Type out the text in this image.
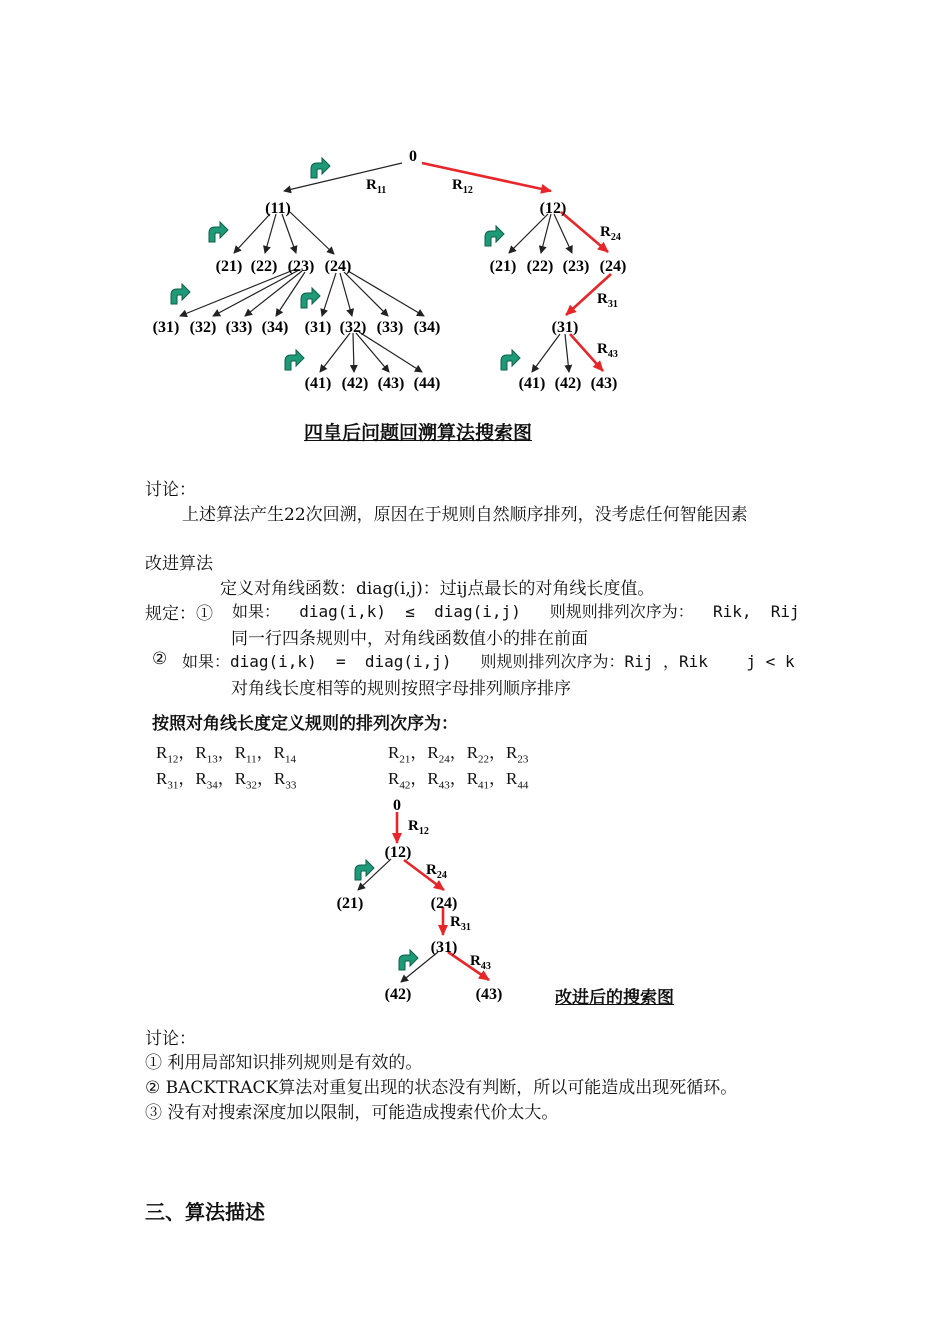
0
(11)	(12)
(21) (22) (23) (24)
(31) (32) (33) (34) (31) (32) (33) (34)
(41) (42) (43) (44)
(21) (22) (23) (24)
(31)
(41) (42) (43)
$R_{11}$	$R_{12}$
$R_{24}$
$R_{31}$
$R_{43}$
四皇后问题回溯算法搜索图
讨论：
上述算法产生22次回溯，原因在于规则自然顺序排列，没考虑任何智能因素
改进算法
定义对角线函数：diag(i,j)：过ij点最长的对角线长度值。
规定：① 如果：  diag(i,k)  ≤  diag(i,j)   则规则排列次序为：  Rik,  Rij
同一行四条规则中，对角线函数值小的排在前面
② 如果：diag(i,k)  =  diag(i,j)   则规则排列次序为：Rij ，Rik    j < k
对角线长度相等的规则按照字母排列顺序排序
按照对角线长度定义规则的排列次序为：
$R_{12}$，$R_{13}$，$R_{11}$，$R_{14}$	$R_{21}$，$R_{24}$，$R_{22}$，$R_{23}$
$R_{31}$，$R_{34}$，$R_{32}$，$R_{33}$	$R_{42}$，$R_{43}$，$R_{41}$，$R_{44}$
0
(12)
(21)	(24)
(31)
(42)	(43)
$R_{12}$
$R_{24}$
$R_{31}$
$R_{43}$
改进后的搜索图
讨论：
① 利用局部知识排列规则是有效的。
② BACKTRACK算法对重复出现的状态没有判断，所以可能造成出现死循环。
③ 没有对搜索深度加以限制，可能造成搜索代价太大。
三、算法描述
